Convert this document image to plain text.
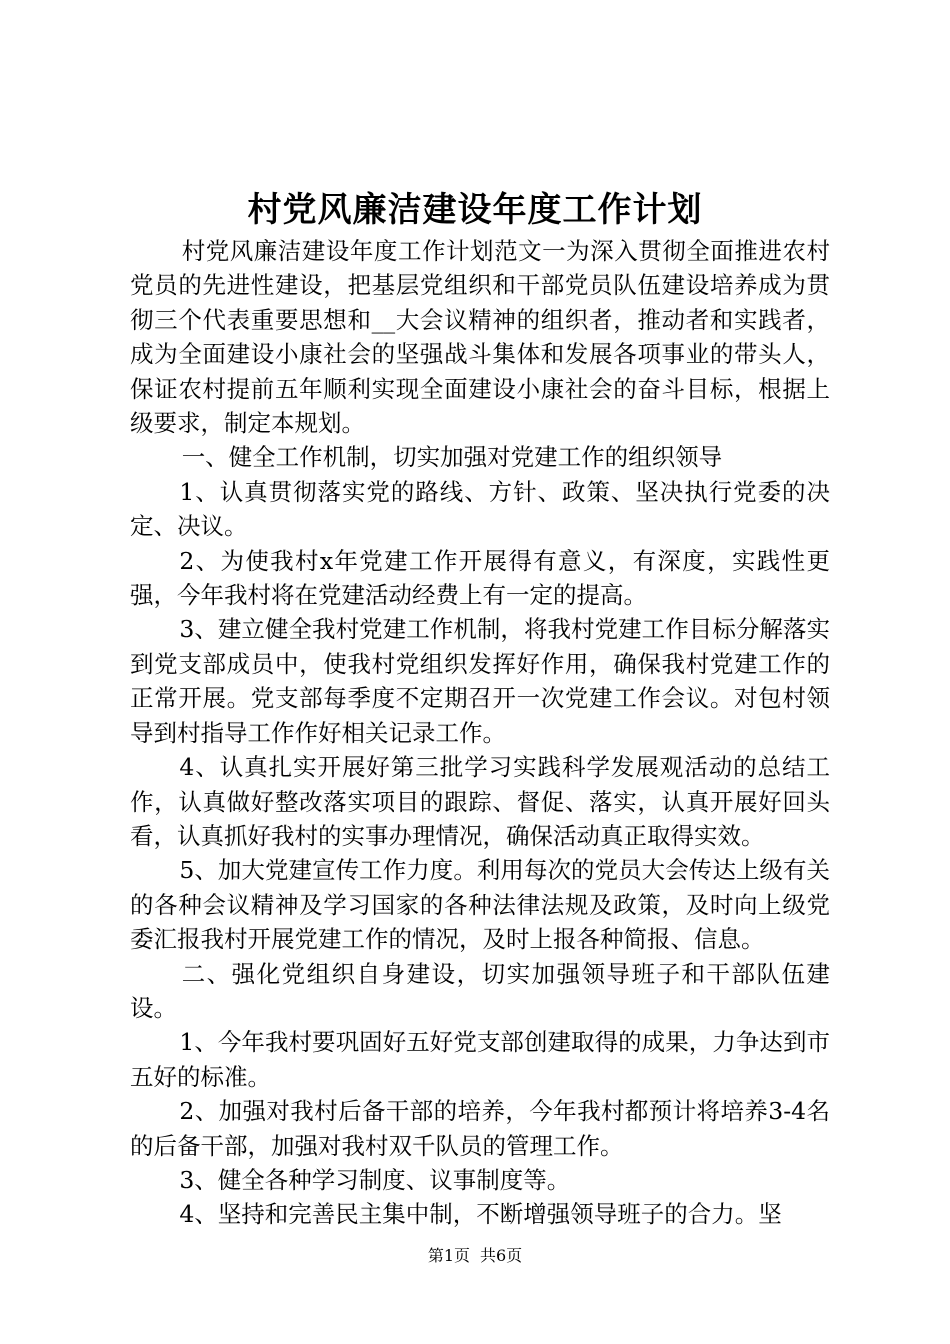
村党风廉洁建设年度工作计划

村党风廉洁建设年度工作计划范文一为深入贯彻全面推进农村党员的先进性建设，把基层党组织和干部党员队伍建设培养成为贯彻三个代表重要思想和__大会议精神的组织者，推动者和实践者，成为全面建设小康社会的坚强战斗集体和发展各项事业的带头人，保证农村提前五年顺利实现全面建设小康社会的奋斗目标，根据上级要求，制定本规划。

一、健全工作机制，切实加强对党建工作的组织领导

1、认真贯彻落实党的路线、方针、政策、坚决执行党委的决定、决议。

2、为使我村x年党建工作开展得有意义，有深度，实践性更强，今年我村将在党建活动经费上有一定的提高。

3、建立健全我村党建工作机制，将我村党建工作目标分解落实到党支部成员中，使我村党组织发挥好作用，确保我村党建工作的正常开展。党支部每季度不定期召开一次党建工作会议。对包村领导到村指导工作作好相关记录工作。

4、认真扎实开展好第三批学习实践科学发展观活动的总结工作，认真做好整改落实项目的跟踪、督促、落实，认真开展好回头看，认真抓好我村的实事办理情况，确保活动真正取得实效。

5、加大党建宣传工作力度。利用每次的党员大会传达上级有关的各种会议精神及学习国家的各种法律法规及政策，及时向上级党委汇报我村开展党建工作的情况，及时上报各种简报、信息。

二、强化党组织自身建设，切实加强领导班子和干部队伍建设。

1、今年我村要巩固好五好党支部创建取得的成果，力争达到市五好的标准。

2、加强对我村后备干部的培养，今年我村都预计将培养3-4名的后备干部，加强对我村双千队员的管理工作。

3、健全各种学习制度、议事制度等。

4、坚持和完善民主集中制，不断增强领导班子的合力。坚

第1页 共6页
